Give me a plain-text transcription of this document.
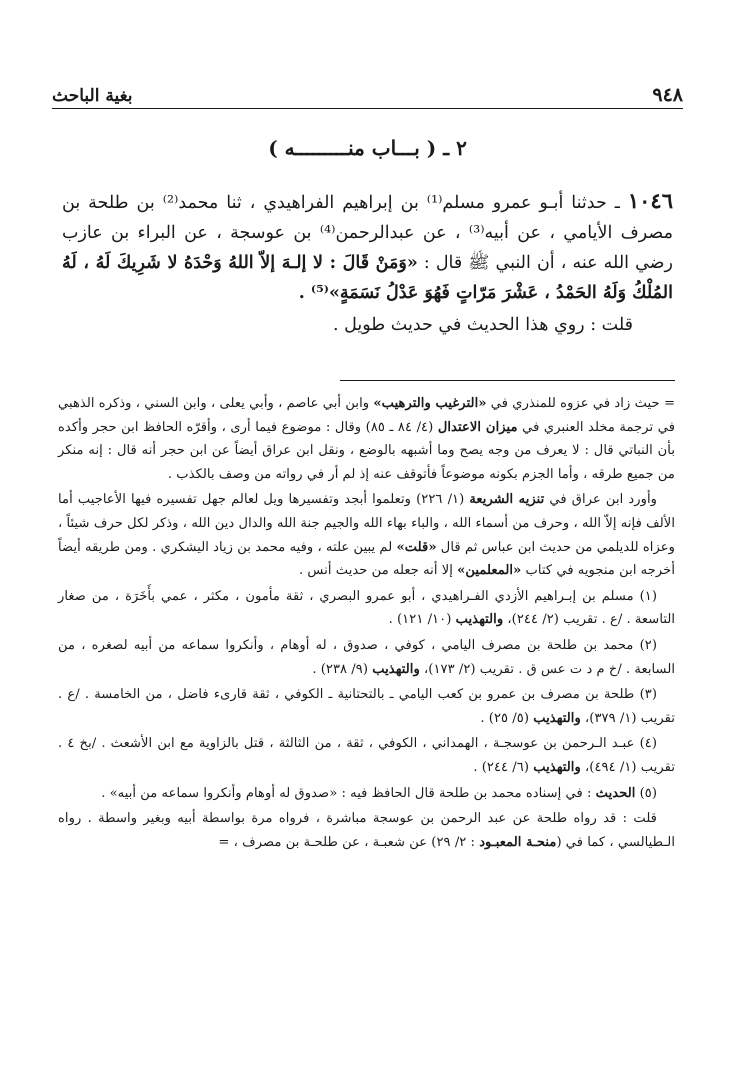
٩٤٨
بغية الباحث
٢ ـ ( بـــاب منـــــــــه )

١٠٤٦ ـ حدثنا أبـو عمرو مسلم⁽¹⁾ بن إبراهيم الفراهيدي ، ثنا محمد⁽²⁾ بن طلحة بن مصرف الأيامي ، عن أبيه⁽³⁾ ، عن عبدالرحمن⁽⁴⁾ بن عوسجة ، عن البراء بن عازب رضي الله عنه ، أن النبي ﷺ قال : «وَمَنْ قَالَ : لا إلـهَ إلاّ اللهُ وَحْدَهُ لا شَرِيكَ لَهُ ، لَهُ المُلْكُ وَلَهُ الحَمْدُ ، عَشْرَ مَرّاتٍ فَهُوَ عَدْلُ نَسَمَةٍ»⁽⁵⁾ .

قلت : روي هذا الحديث في حديث طويل .

= حيث زاد في عزوه للمنذري في «الترغيب والترهيب» وابن أبي عاصم ، وأبي يعلى ، وابن السني ، وذكره الذهبي في ترجمة مخلد العنبري في ميزان الاعتدال (٤/ ٨٤ ـ ٨٥) وقال : موضوع فيما أرى ، وأقرّه الحافظ ابن حجر وأكده بأن النباتي قال : لا يعرف من وجه يصح وما أشبهه بالوضع ، ونقل ابن عراق أيضاً عن ابن حجر أنه قال : إنه منكر من جميع طرقه ، وأما الجزم بكونه موضوعاً فأتوقف عنه إذ لم أر في رواته من وصف بالكذب .

وأورد ابن عراق في تنزيه الشريعة (١/ ٢٢٦) وتعلموا أبجد وتفسيرها ويل لعالم جهل تفسيره فيها الأعاجيب أما الألف فإنه إلاّ الله ، وحرف من أسماء الله ، والباء بهاء الله والجيم جنة الله والدال دين الله ، وذكر لكل حرف شيئاً ، وعزاه للديلمي من حديث ابن عباس ثم قال «قلت» لم يبين علته ، وفيه محمد بن زياد اليشكري . ومن طريقه أيضاً أخرجه ابن منجويه في كتاب «المعلمين» إلا أنه جعله من حديث أنس .

(١) مسلم بن إبـراهيم الأزدي الفـراهيدي ، أبو عمرو البصري ، ثقة مأمون ، مكثر ، عمي بأَخَرَة ، من صغار التاسعة . /ع . تقريب (٢/ ٢٤٤)، والتهذيب (١٠/ ١٢١) .

(٢) محمد بن طلحة بن مصرف اليامي ، كوفي ، صدوق ، له أوهام ، وأنكروا سماعه من أبيه لصغره ، من السابعة . /خ م د ت عس ق . تقريب (٢/ ١٧٣)، والتهذيب (٩/ ٢٣٨) .

(٣) طلحة بن مصرف بن عمرو بن كعب اليامي ـ بالتحتانية ـ الكوفي ، ثقة قارىء فاضل ، من الخامسة . /ع . تقريب (١/ ٣٧٩)، والتهذيب (٥/ ٢٥) .

(٤) عبـد الـرحمن بن عوسجـة ، الهمداني ، الكوفي ، ثقة ، من الثالثة ، قتل بالزاوية مع ابن الأشعث . /بخ ٤ . تقريب (١/ ٤٩٤)، والتهذيب (٦/ ٢٤٤) .

(٥) الحديث : في إسناده محمد بن طلحة قال الحافظ فيه : «صدوق له أوهام وأنكروا سماعه من أبيه» .

قلت : قد رواه طلحة عن عبد الرحمن بن عوسجة مباشرة ، فرواه مرة بواسطة أبيه وبغير واسطة . رواه الـطيالسي ، كما في (منحـة المعبـود : ٢/ ٢٩) عن شعبـة ، عن طلحـة بن مصرف ، =
